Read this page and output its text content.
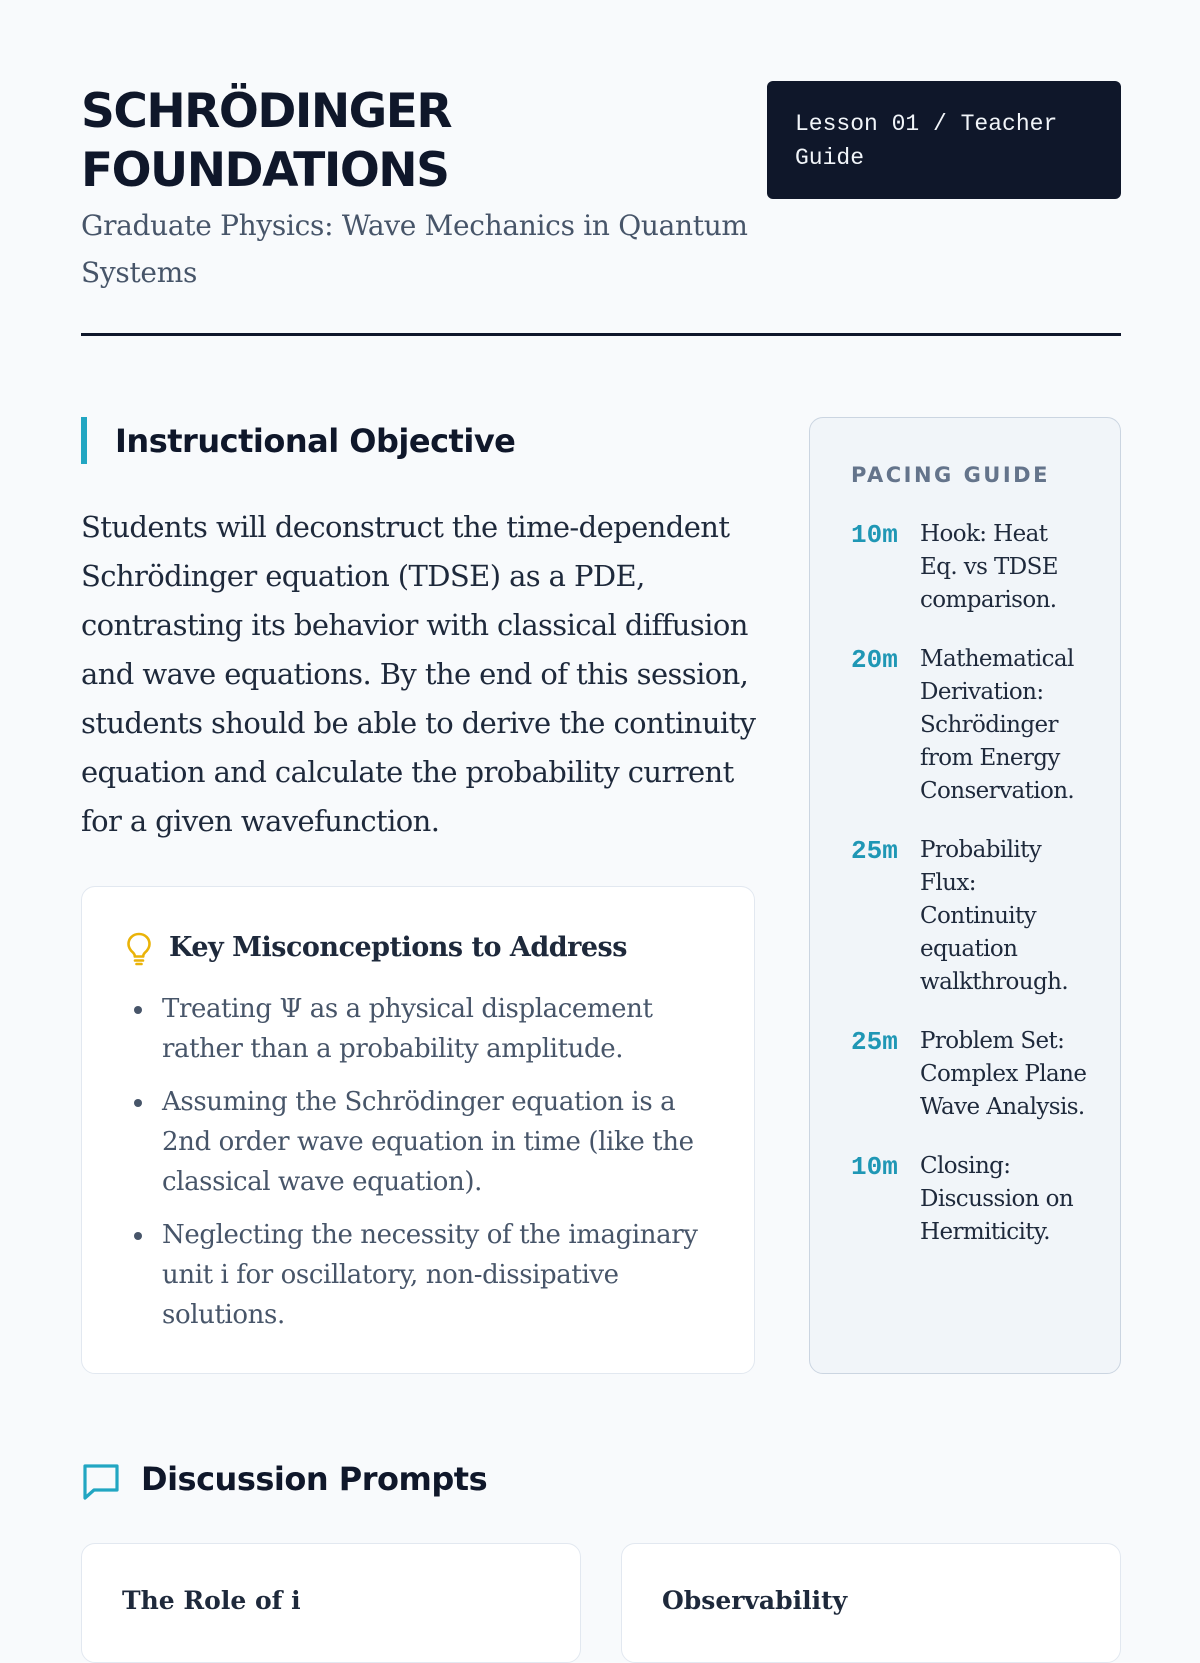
SCHRÖDINGER
FOUNDATIONS

Graduate Physics: Wave Mechanics in Quantum Systems

Lesson 01 / Teacher Guide
Instructional Objective

Students will deconstruct the time-dependent Schrödinger equation (TDSE) as a PDE, contrasting its behavior with classical diffusion and wave equations. By the end of this session, students should be able to derive the continuity equation and calculate the probability current for a given wavefunction.

Key Misconceptions to Address
Treating Ψ as a physical displacement rather than a probability amplitude.
Assuming the Schrödinger equation is a 2nd order wave equation in time (like the classical wave equation).
Neglecting the necessity of the imaginary unit i for oscillatory, non-dissipative solutions.
PACING GUIDE
10m Hook: Heat Eq. vs TDSE comparison.
20m Mathematical Derivation: Schrödinger from Energy Conservation.
25m Probability Flux: Continuity equation walkthrough.
25m Problem Set: Complex Plane Wave Analysis.
10m Closing: Discussion on Hermiticity.
Discussion Prompts
The Role of i	Observability
